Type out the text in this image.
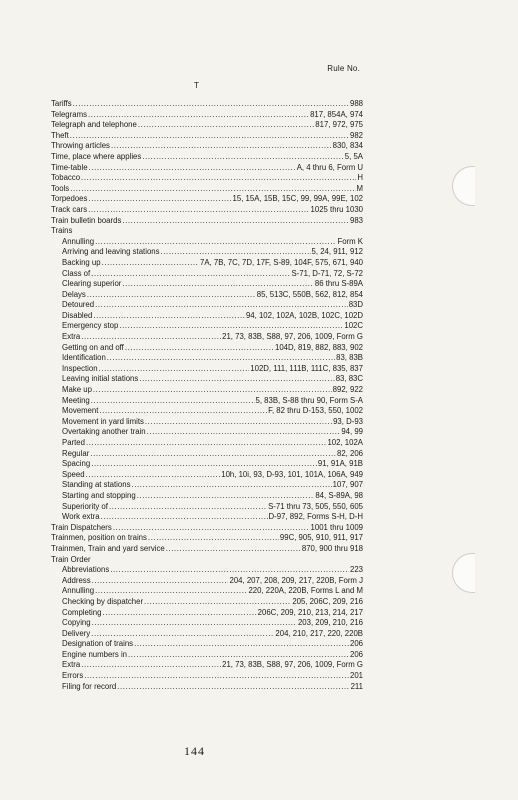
Rule No.
T
Tariffs .....	988
Telegrams .....	817, 854A, 974
Telegraph and telephone .....	817, 972, 975
Theft .....	982
Throwing articles .....	830, 834
Time, place where applies .....	5, 5A
Time-table .....	A, 4 thru 6, Form U
Tobacco .....	H
Tools .....	M
Torpedoes .....	15, 15A, 15B, 15C, 99, 99A, 99E, 102
Track cars .....	1025 thru 1030
Train bulletin boards .....	983
Trains
Annulling .....	Form K
Arriving and leaving stations .....	5, 24, 911, 912
Backing up .....	7A, 7B, 7C, 7D, 17F, S-89, 104F, 575, 671, 940
Class of .....	S-71, D-71, 72, S-72
Clearing superior .....	86 thru S-89A
Delays .....	85, 513C, 550B, 562, 812, 854
Detoured .....	83D
Disabled .....	94, 102, 102A, 102B, 102C, 102D
Emergency stop .....	102C
Extra .....	21, 73, 83B, S88, 97, 206, 1009, Form G
Getting on and off .....	104D, 819, 882, 883, 902
Identification .....	83, 83B
Inspection .....	102D, 111, 111B, 111C, 835, 837
Leaving initial stations .....	83, 83C
Make up .....	892, 922
Meeting .....	5, 83B, S-88 thru 90, Form S-A
Movement .....	F, 82 thru D-153, 550, 1002
Movement in yard limits .....	93, D-93
Overtaking another train .....	94, 99
Parted .....	102, 102A
Regular .....	82, 206
Spacing .....	91, 91A, 91B
Speed .....	10h, 10i, 93, D-93, 101, 101A, 106A, 949
Standing at stations .....	107, 907
Starting and stopping .....	84, S-89A, 98
Superiority of .....	S-71 thru 73, 505, 550, 605
Work extra .....	D-97, 892, Forms S-H, D-H
Train Dispatchers .....	1001 thru 1009
Trainmen, position on trains .....	99C, 905, 910, 911, 917
Trainmen, Train and yard service .....	870, 900 thru 918
Train Order
Abbreviations .....	223
Address .....	204, 207, 208, 209, 217, 220B, Form J
Annulling .....	220, 220A, 220B, Forms L and M
Checking by dispatcher .....	205, 206C, 209, 216
Completing .....	206C, 209, 210, 213, 214, 217
Copying .....	203, 209, 210, 216
Delivery .....	204, 210, 217, 220, 220B
Designation of trains .....	206
Engine numbers in .....	206
Extra .....	21, 73, 83B, S88, 97, 206, 1009, Form G
Errors .....	201
Filing for record .....	211
144
